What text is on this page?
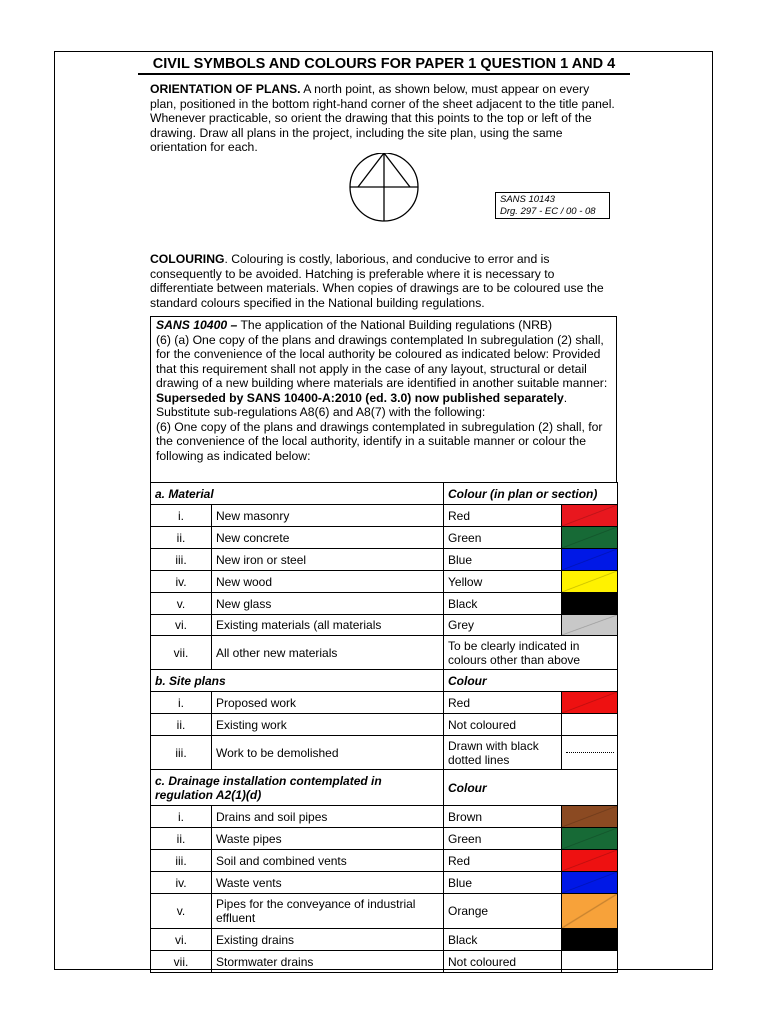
CIVIL SYMBOLS AND COLOURS FOR PAPER 1 QUESTION 1 AND 4
ORIENTATION OF PLANS. A north point, as shown below, must appear on every plan, positioned in the bottom right-hand corner of the sheet adjacent to the title panel. Whenever practicable, so orient the drawing that this points to the top or left of the drawing. Draw all plans in the project, including the site plan, using the same orientation for each.
SANS 10143
Drg. 297 - EC / 00 - 08
COLOURING. Colouring is costly, laborious, and conducive to error and is consequently to be avoided. Hatching is preferable where it is necessary to differentiate between materials. When copies of drawings are to be coloured use the standard colours specified in the National building regulations.

SANS 10400 – The application of the National Building regulations (NRB)

(6) (a) One copy of the plans and drawings contemplated In subregulation (2) shall, for the convenience of the local authority be coloured as indicated below: Provided that this requirement shall not apply in the case of any layout, structural or detail drawing of a new building where materials are identified in another suitable manner:

Superseded by SANS 10400-A:2010 (ed. 3.0) now published separately.

Substitute sub-regulations A8(6) and A8(7) with the following:

(6) One copy of the plans and drawings contemplated in subregulation (2) shall, for the convenience of the local authority, identify in a suitable manner or colour the following as indicated below:

a. Material		Colour (in plan or section)	
i.	New masonry	Red	

ii.	New concrete	Green	

iii.	New iron or steel	Blue	

iv.	New wood	Yellow	

v.	New glass	Black	

vi.	Existing materials (all materials	Grey	

vii.	All other new materials	To be clearly indicated in colours other than above	
b. Site plans		Colour	
i.	Proposed work	Red	

ii.	Existing work	Not coloured	
iii.	Work to be demolished	Drawn with black dotted lines	

c. Drainage installation contemplated in regulation A2(1)(d)		Colour	
i.	Drains and soil pipes	Brown	

ii.	Waste pipes	Green	

iii.	Soil and combined vents	Red	

iv.	Waste vents	Blue	

v.	Pipes for the conveyance of industrial effluent	Orange	

vi.	Existing drains	Black	

vii.	Stormwater drains	Not coloured	
